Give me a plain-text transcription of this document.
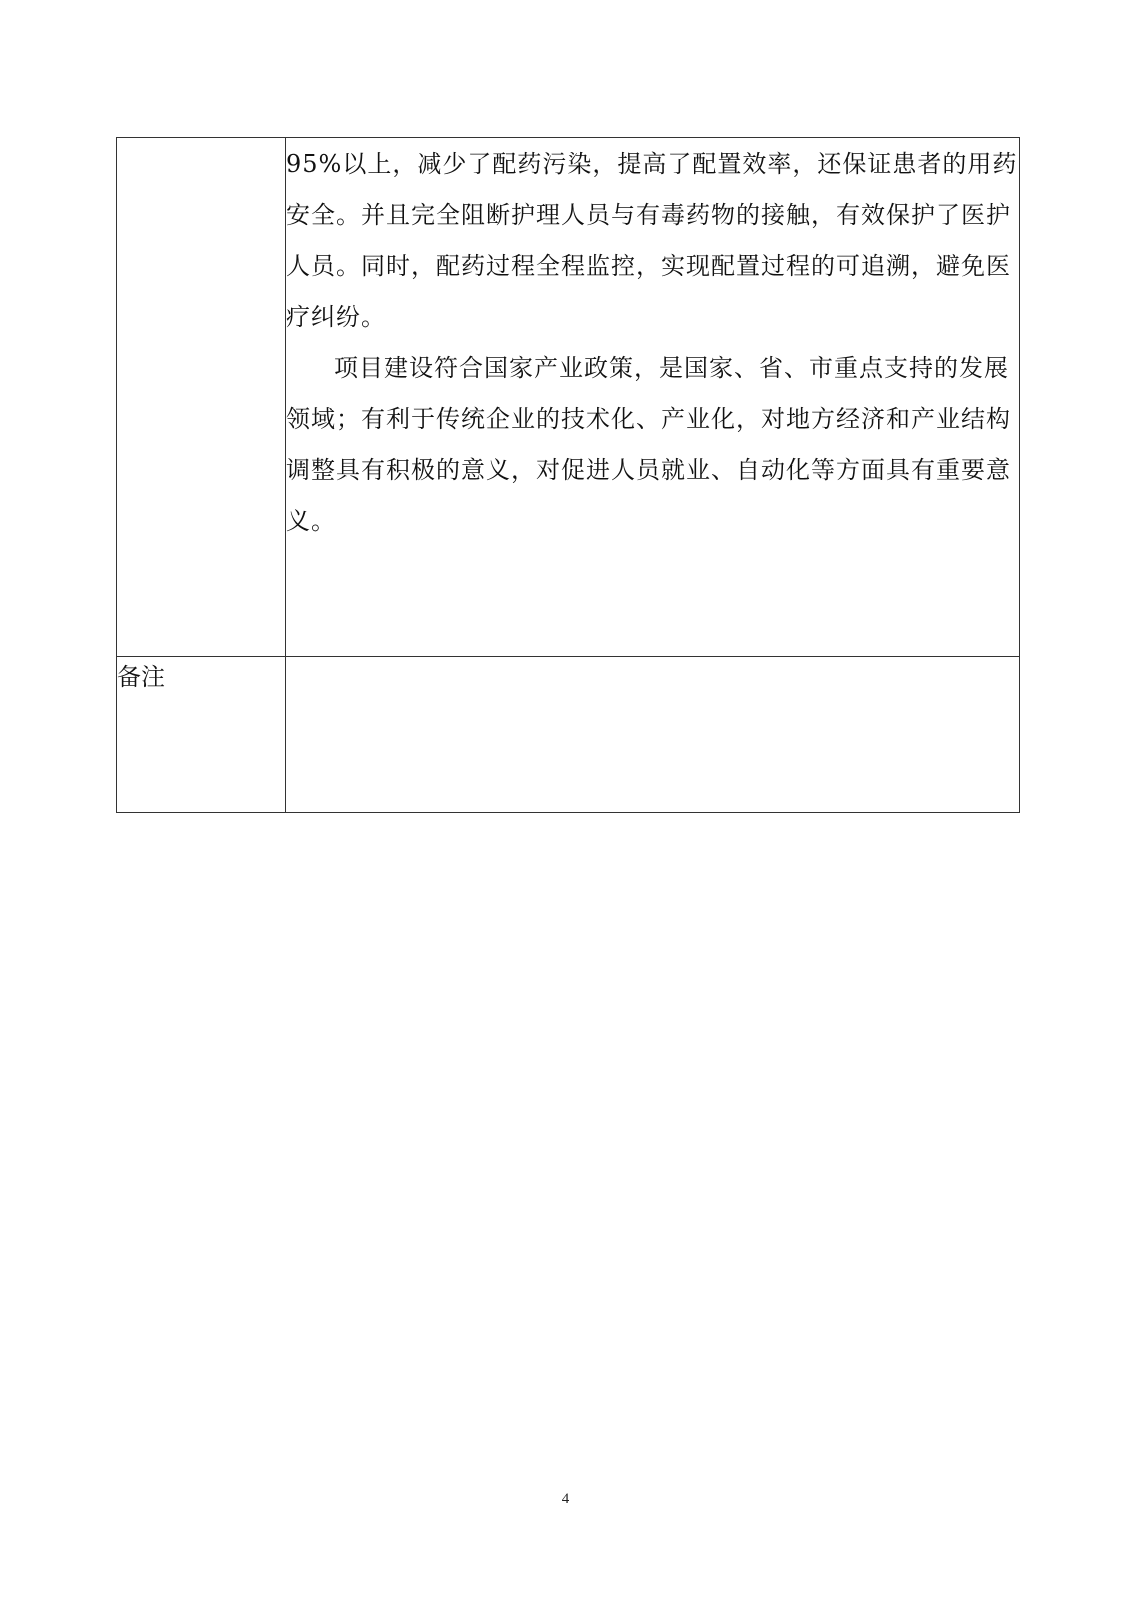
	95%以上，减少了配药污染，提高了配置效率，还保证患者的用药安全。并且完全阻断护理人员与有毒药物的接触，有效保护了医护人员。同时，配药过程全程监控，实现配置过程的可追溯，避免医疗纠纷。

项目建设符合国家产业政策，是国家、省、市重点支持的发展领域；有利于传统企业的技术化、产业化，对地方经济和产业结构调整具有积极的意义，对促进人员就业、自动化等方面具有重要意义。

备注	
4
